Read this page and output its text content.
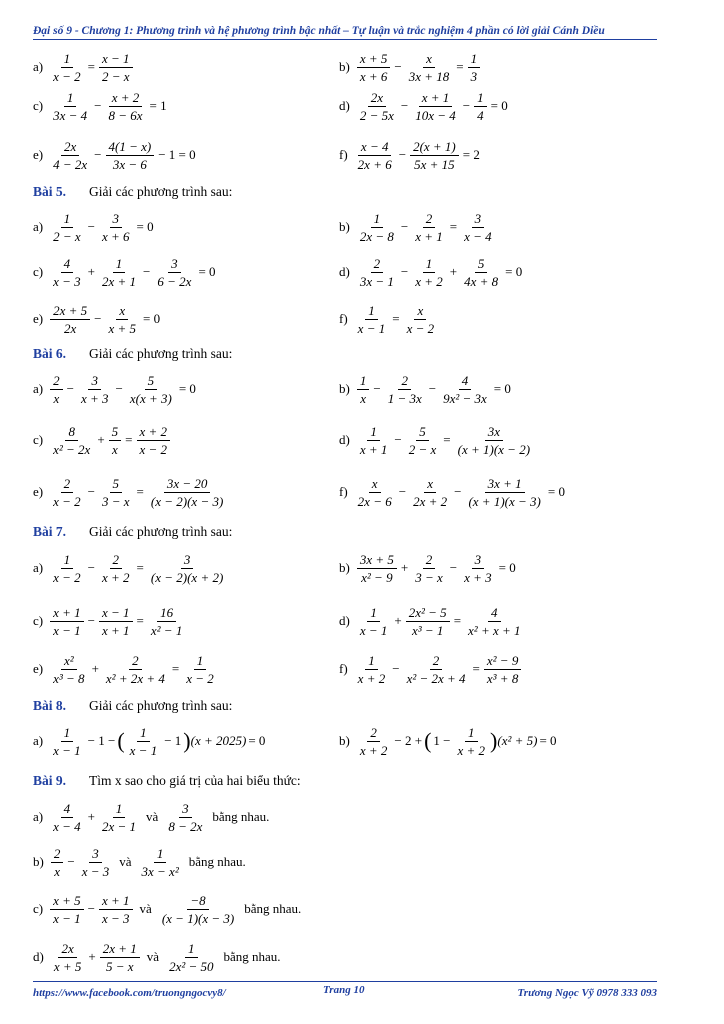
Đại số 9 - Chương 1: Phương trình và hệ phương trình bậc nhất – Tự luận và trắc nghiệm 4 phần có lời giải Cánh Diều
$a) \frac{1}{x - 2} = \frac{x - 1}{2 - x}$	$b) \frac{x + 5}{x + 6} - \frac{x}{3x + 18} = \frac{1}{3}$
$c) \frac{1}{3x - 4} - \frac{x + 2}{8 - 6x} = 1$	$d) \frac{2x}{2 - 5x} - \frac{x + 1}{10x - 4} - \frac{1}{4} = 0$
$e) \frac{2x}{4 - 2x} - \frac{4(1 - x)}{3x - 6} - 1 = 0$	$f) \frac{x - 4}{2x + 6} - \frac{2(x + 1)}{5x + 15} = 2$
Bài 5.	Giải các phương trình sau:
$a) \frac{1}{2 - x} - \frac{3}{x + 6} = 0$	$b) \frac{1}{2x - 8} - \frac{2}{x + 1} = \frac{3}{x - 4}$
$c) \frac{4}{x - 3} + \frac{1}{2x + 1} - \frac{3}{6 - 2x} = 0$	$d) \frac{2}{3x - 1} - \frac{1}{x + 2} + \frac{5}{4x + 8} = 0$
$e) \frac{2x + 5}{2x} - \frac{x}{x + 5} = 0$	$f) \frac{1}{x - 1} = \frac{x}{x - 2}$
Bài 6.	Giải các phương trình sau:
$a) \frac{2}{x} - \frac{3}{x + 3} - \frac{5}{x(x + 3)} = 0$	$b) \frac{1}{x} - \frac{2}{1 - 3x} - \frac{4}{\text{9x² − 3x}} = 0$
$c) \frac{8}{\text{x² − 2x}} + \frac{5}{x} = \frac{x + 2}{x - 2}$	$d) \frac{1}{x + 1} - \frac{5}{2 - x} = \frac{3x}{(x + 1)(x - 2)}$
$e) \frac{2}{x - 2} - \frac{5}{3 - x} = \frac{3x - 20}{(x - 2)(x - 3)}$	$f) \frac{x}{2x - 6} - \frac{x}{2x + 2} - \frac{3x + 1}{(x + 1)(x - 3)} = 0$
Bài 7.	Giải các phương trình sau:
$a) \frac{1}{x - 2} - \frac{2}{x + 2} = \frac{3}{(x - 2)(x + 2)}$	$b) \frac{3x + 5}{\text{x² − 9}} + \frac{2}{3 - x} - \frac{3}{x + 3} = 0$
$c) \frac{x + 1}{x - 1} - \frac{x - 1}{x + 1} = \frac{16}{\text{x² − 1}}$	$d) \frac{1}{x - 1} + \frac{\text{2x² − 5}}{\text{x³ − 1}} = \frac{4}{\text{x² + x + 1}}$
$e) \frac{\text{x²}}{\text{x³ − 8}} + \frac{2}{\text{x² + 2x + 4}} = \frac{1}{x - 2}$	$f) \frac{1}{x + 2} - \frac{2}{\text{x² − 2x + 4}} = \frac{\text{x² − 9}}{\text{x³ + 8}}$
Bài 8.	Giải các phương trình sau:
$a) \frac{1}{x - 1} - 1$ − ( $\frac{1}{x - 1} - 1$ ) (x + 2025) = 0	$b) \frac{2}{x + 2} - 2$ + ( $1 - \frac{1}{x + 2}$ ) (x² + 5) = 0
Bài 9.	Tìm x sao cho giá trị của hai biểu thức:
$a) \frac{4}{x - 4} + \frac{1}{2x - 1}$ và $\frac{3}{8 - 2x}$ bằng nhau.
$b) \frac{2}{x} - \frac{3}{x - 3}$ và $\frac{1}{\text{3x − x²}}$ bằng nhau.
$c) \frac{x + 5}{x - 1} - \frac{x + 1}{x - 3}$ và $\frac{-8}{(x - 1)(x - 3)}$ bằng nhau.
$d) \frac{2x}{x + 5} + \frac{2x + 1}{5 - x}$ và $\frac{1}{\text{2x² − 50}}$ bằng nhau.
https://www.facebook.com/truongngocvy8/	Trang 10	Trương Ngọc Vỹ 0978 333 093
